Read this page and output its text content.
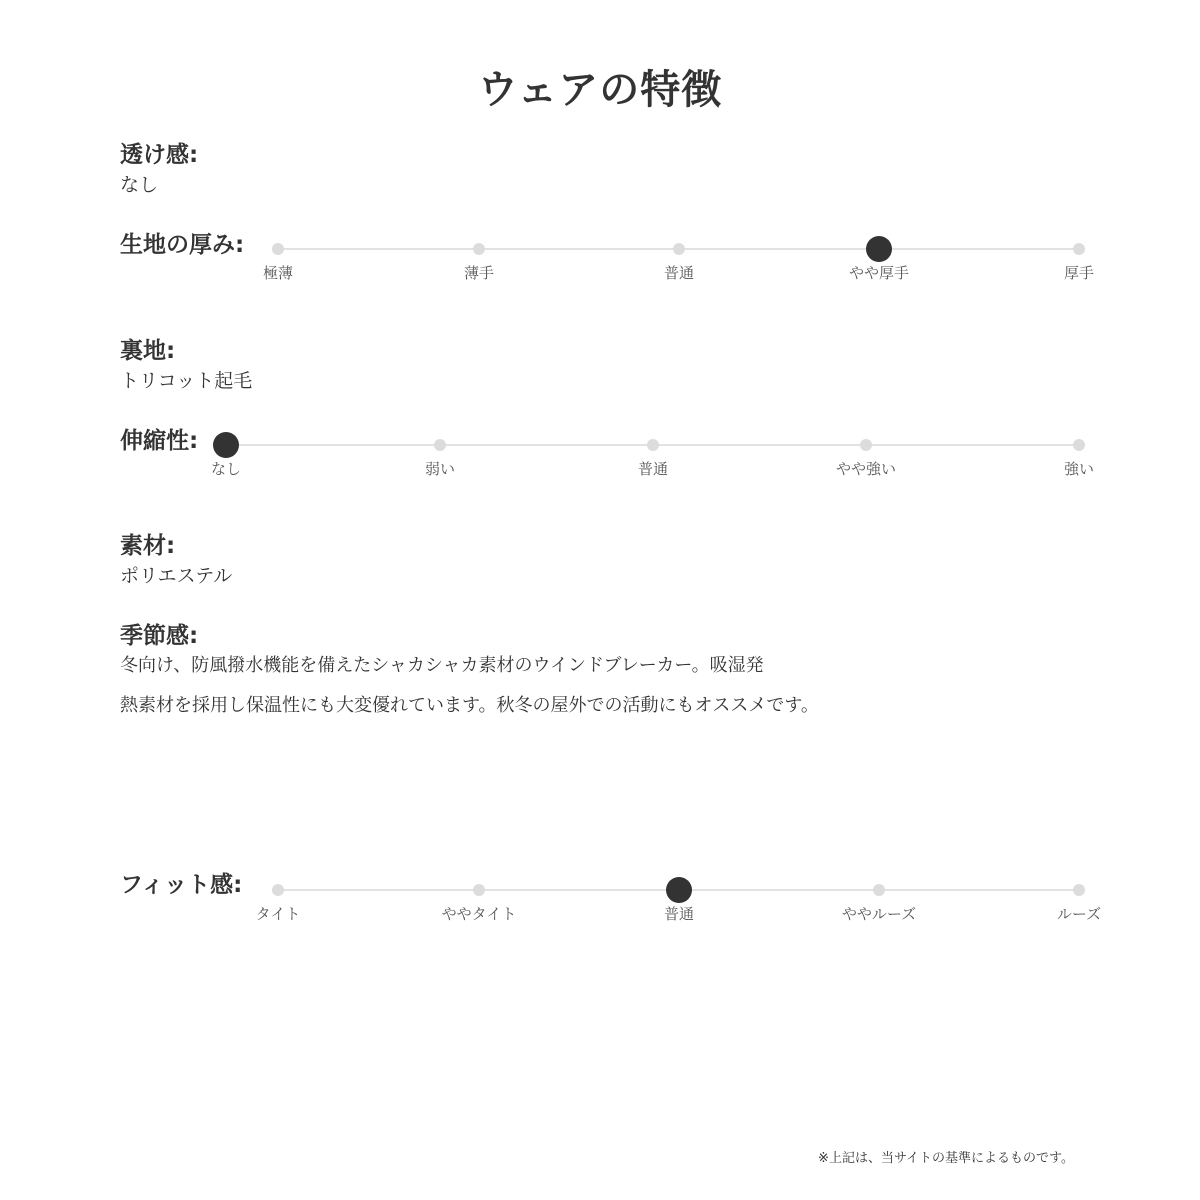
ウェアの特徴
透け感:
なし
生地の厚み:
極薄	薄手	普通	やや厚手	厚手
裏地:
トリコット起毛
伸縮性:
なし	弱い	普通	やや強い	強い
素材:
ポリエステル
季節感:
冬向け、防風撥水機能を備えたシャカシャカ素材のウインドブレーカー。吸湿発
熱素材を採用し保温性にも大変優れています。秋冬の屋外での活動にもオススメです。
フィット感:
タイト	ややタイト	普通	ややルーズ	ルーズ
※上記は、当サイトの基準によるものです。
